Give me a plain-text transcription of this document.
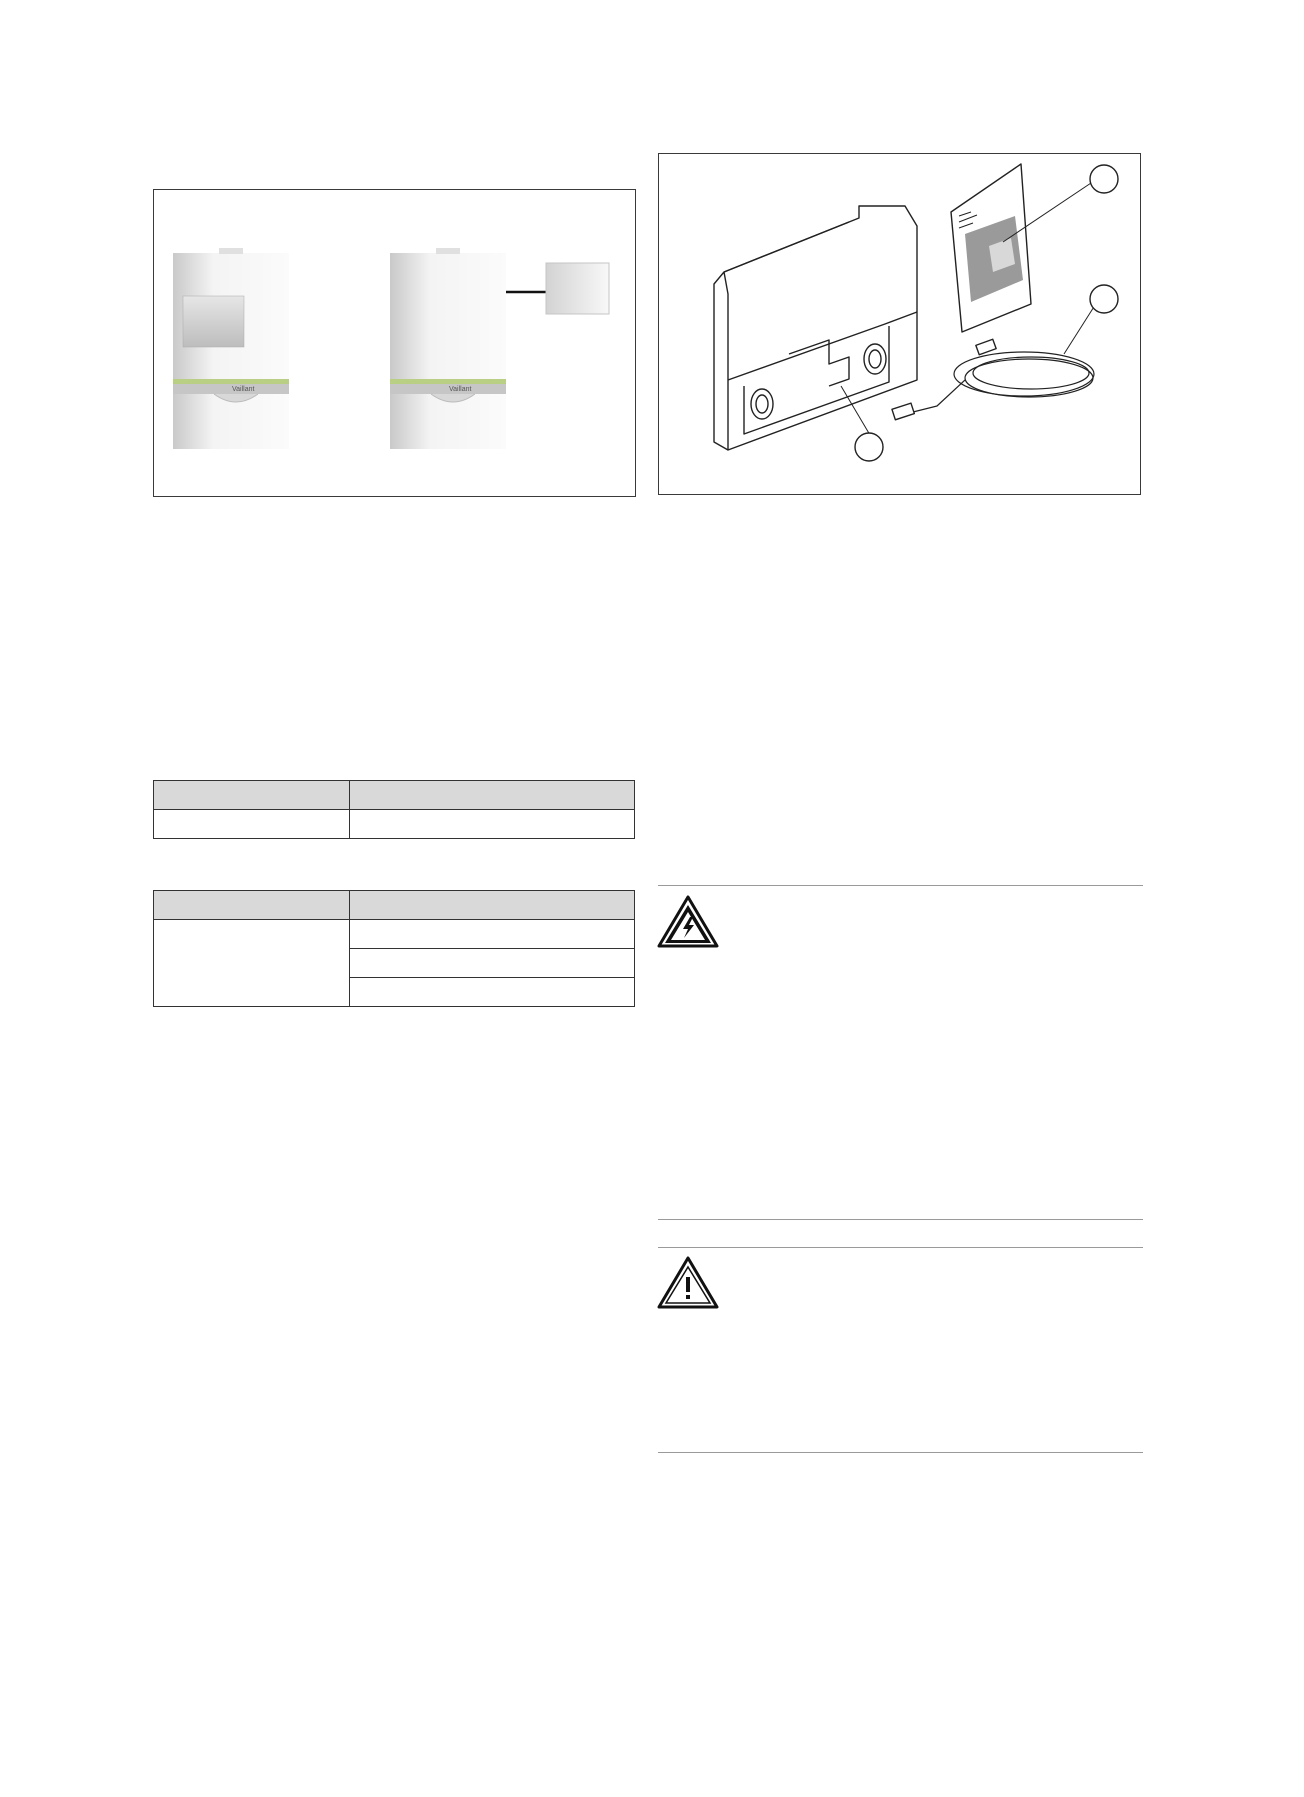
Vaillant	Vaillant
